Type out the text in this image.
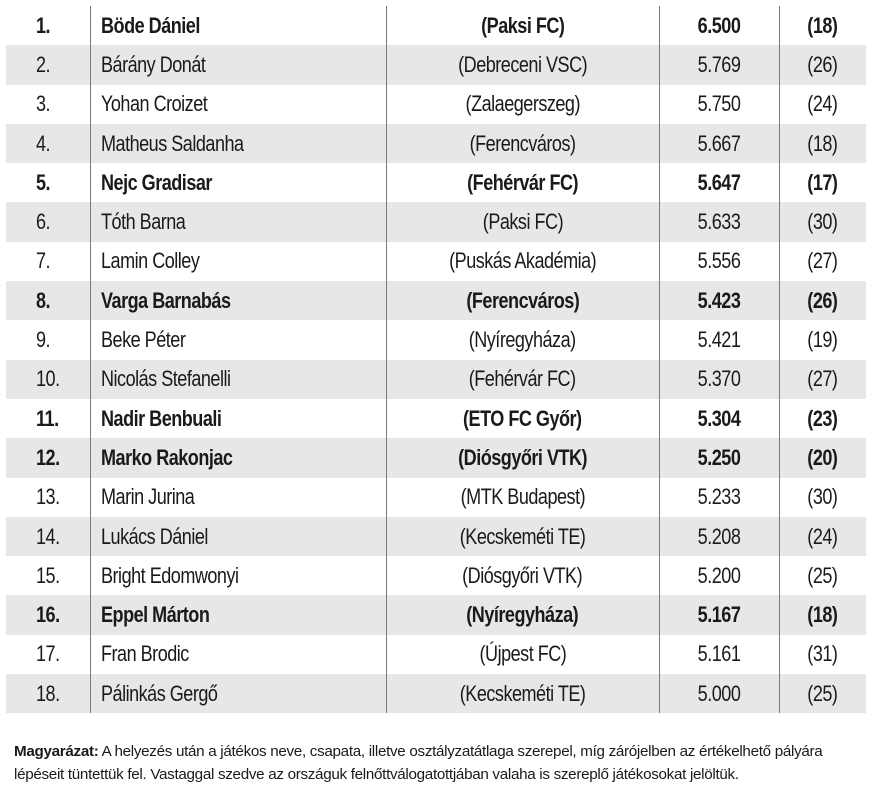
1.	Böde Dániel	(Paksi FC)	6.500	(18)
2.	Bárány Donát	(Debreceni VSC)	5.769	(26)
3.	Yohan Croizet	(Zalaegerszeg)	5.750	(24)
4.	Matheus Saldanha	(Ferencváros)	5.667	(18)
5.	Nejc Gradisar	(Fehérvár FC)	5.647	(17)
6.	Tóth Barna	(Paksi FC)	5.633	(30)
7.	Lamin Colley	(Puskás Akadémia)	5.556	(27)
8.	Varga Barnabás	(Ferencváros)	5.423	(26)
9.	Beke Péter	(Nyíregyháza)	5.421	(19)
10.	Nicolás Stefanelli	(Fehérvár FC)	5.370	(27)
11.	Nadir Benbuali	(ETO FC Győr)	5.304	(23)
12.	Marko Rakonjac	(Diósgyőri VTK)	5.250	(20)
13.	Marin Jurina	(MTK Budapest)	5.233	(30)
14.	Lukács Dániel	(Kecskeméti TE)	5.208	(24)
15.	Bright Edomwonyi	(Diósgyőri VTK)	5.200	(25)
16.	Eppel Márton	(Nyíregyháza)	5.167	(18)
17.	Fran Brodic	(Újpest FC)	5.161	(31)
18.	Pálinkás Gergő	(Kecskeméti TE)	5.000	(25)
Magyarázat: A helyezés után a játékos neve, csapata, illetve osztályzatátlaga szerepel, míg zárójelben az értékelhető pályára lépéseit tüntettük fel. Vastaggal szedve az országuk felnőttválogatottjában valaha is szereplő játékosokat jelöltük.
